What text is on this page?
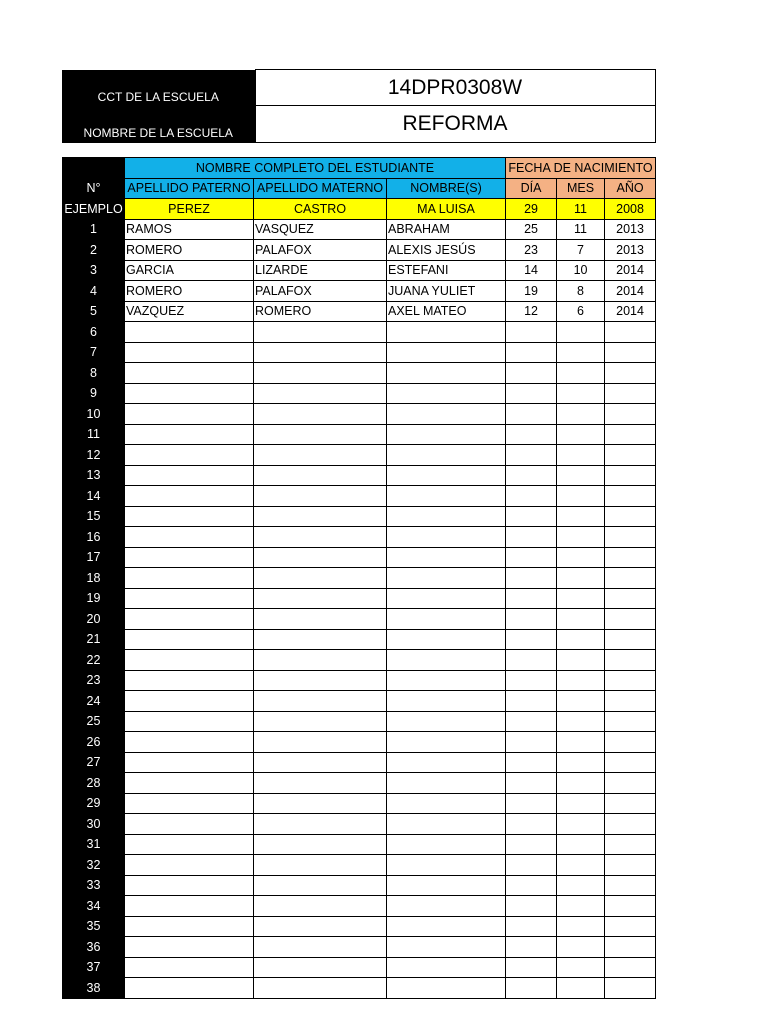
CCT DE LA ESCUELA	14DPR0308W
NOMBRE DE LA ESCUELA	REFORMA
	NOMBRE COMPLETO DEL ESTUDIANTE			FECHA DE NACIMIENTO		
N°	APELLIDO PATERNO	APELLIDO MATERNO	NOMBRE(S)	DÍA	MES	AÑO
EJEMPLO	PEREZ	CASTRO	MA LUISA	29	11	2008
1	RAMOS	VASQUEZ	ABRAHAM	25	11	2013
2	ROMERO	PALAFOX	ALEXIS JESÚS	23	7	2013
3	GARCIA	LIZARDE	ESTEFANI	14	10	2014
4	ROMERO	PALAFOX	JUANA YULIET	19	8	2014
5	VAZQUEZ	ROMERO	AXEL MATEO	12	6	2014
6						
7						
8						
9						
10						
11						
12						
13						
14						
15						
16						
17						
18						
19						
20						
21						
22						
23						
24						
25						
26						
27						
28						
29						
30						
31						
32						
33						
34						
35						
36						
37						
38						
